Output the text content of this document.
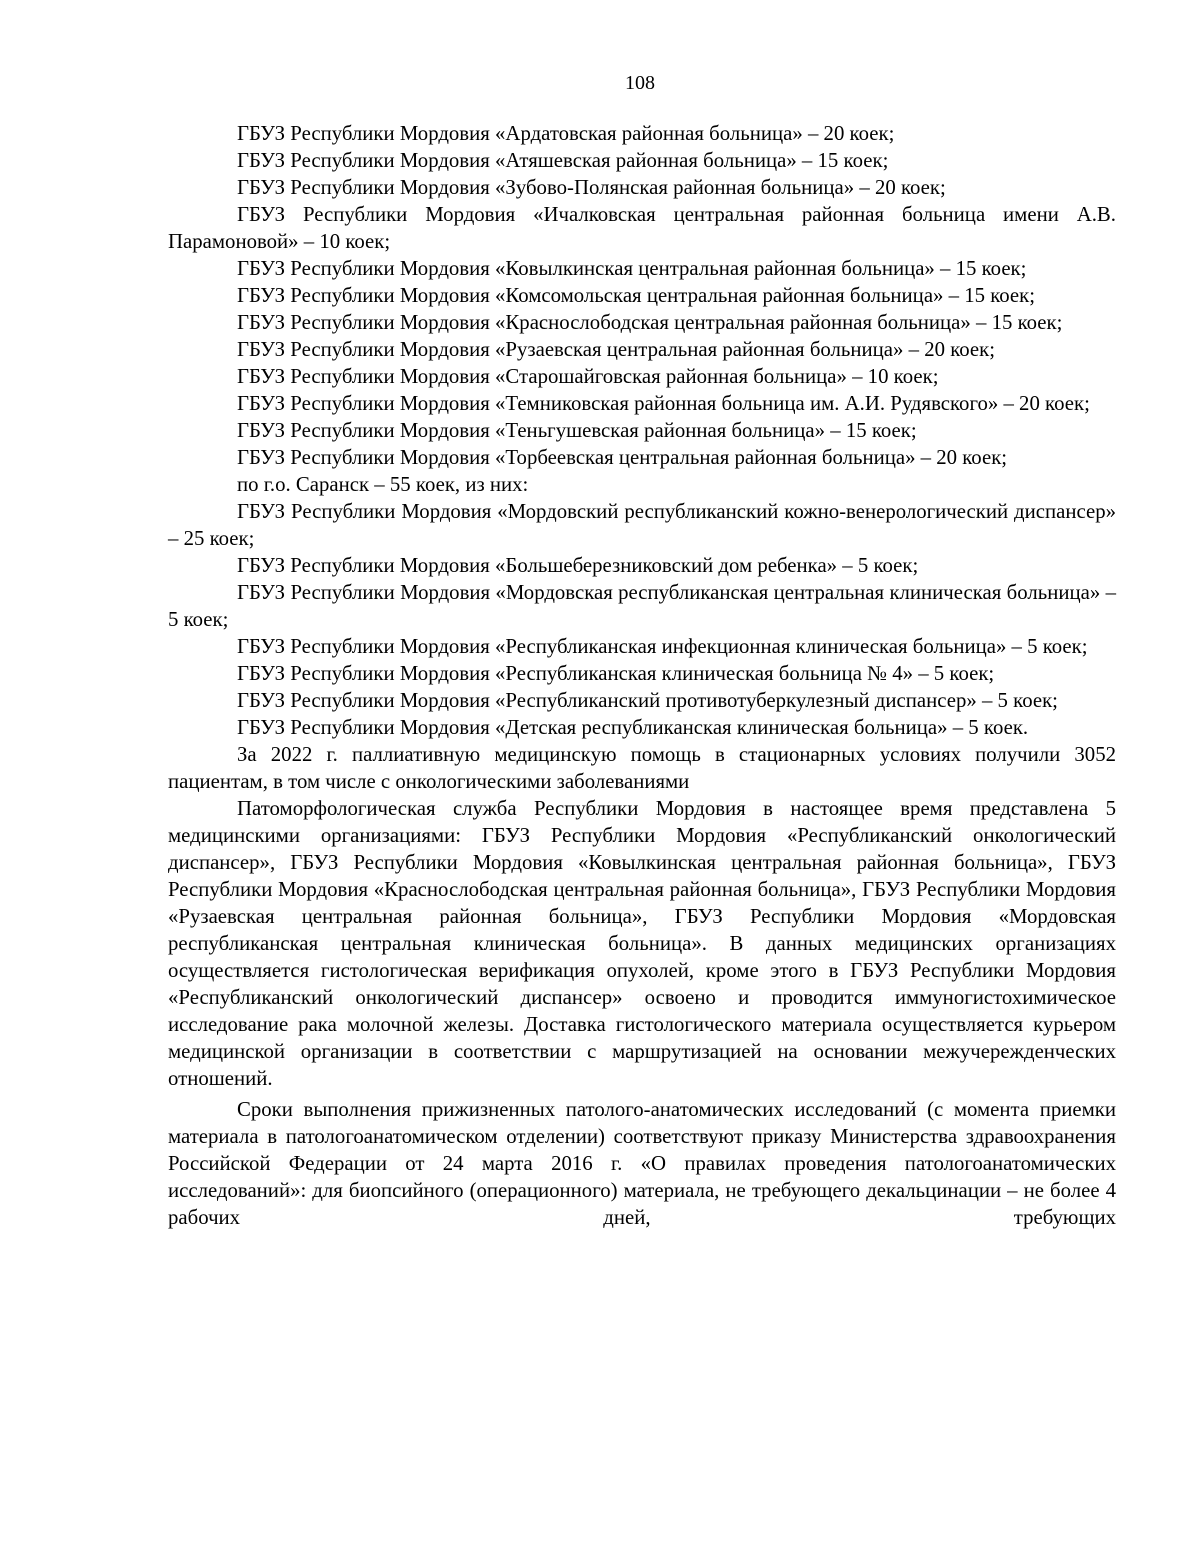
108

ГБУЗ Республики Мордовия «Ардатовская районная больница» – 20 коек;

ГБУЗ Республики Мордовия «Атяшевская районная больница» – 15 коек;

ГБУЗ Республики Мордовия «Зубово-Полянская районная больница» – 20 коек;

ГБУЗ Республики Мордовия «Ичалковская центральная районная больница имени А.В. Парамоновой» – 10 коек;

ГБУЗ Республики Мордовия «Ковылкинская центральная районная больница» – 15 коек;

ГБУЗ Республики Мордовия «Комсомольская центральная районная больница» – 15 коек;

ГБУЗ Республики Мордовия «Краснослободская центральная районная больница» – 15 коек;

ГБУЗ Республики Мордовия «Рузаевская центральная районная больница» – 20 коек;

ГБУЗ Республики Мордовия «Старошайговская районная больница» – 10 коек;

ГБУЗ Республики Мордовия «Темниковская районная больница им. А.И. Рудявского» – 20 коек;

ГБУЗ Республики Мордовия «Теньгушевская районная больница» – 15 коек;

ГБУЗ Республики Мордовия «Торбеевская центральная районная больница» – 20 коек;

по г.о. Саранск – 55 коек, из них:

ГБУЗ Республики Мордовия «Мордовский республиканский кожно-венерологический диспансер» – 25 коек;

ГБУЗ Республики Мордовия «Большеберезниковский дом ребенка» – 5 коек;

ГБУЗ Республики Мордовия «Мордовская республиканская центральная клиническая больница» – 5 коек;

ГБУЗ Республики Мордовия «Республиканская инфекционная клиническая больница» – 5 коек;

ГБУЗ Республики Мордовия «Республиканская клиническая больница № 4» – 5 коек;

ГБУЗ Республики Мордовия «Республиканский противотуберкулезный диспансер» – 5 коек;

ГБУЗ Республики Мордовия «Детская республиканская клиническая больница» – 5 коек.

За 2022 г. паллиативную медицинскую помощь в стационарных условиях получили 3052 пациентам, в том числе с онкологическими заболеваниями

Патоморфологическая служба Республики Мордовия в настоящее время представлена 5 медицинскими организациями: ГБУЗ Республики Мордовия «Республиканский онкологический диспансер», ГБУЗ Республики Мордовия «Ковылкинская центральная районная больница», ГБУЗ Республики Мордовия «Краснослободская центральная районная больница», ГБУЗ Республики Мордовия «Рузаевская центральная районная больница», ГБУЗ Республики Мордовия «Мордовская республиканская центральная клиническая больница». В данных медицинских организациях осуществляется гистологическая верификация опухолей, кроме этого в ГБУЗ Республики Мордовия «Республиканский онкологический диспансер» освоено и проводится иммуногистохимическое исследование рака молочной железы. Доставка гистологического материала осуществляется курьером медицинской организации в соответствии с маршрутизацией на основании межучережденческих отношений.

Сроки выполнения прижизненных патолого-анатомических исследований (с момента приемки материала в патологоанатомическом отделении) соответствуют приказу Министерства здравоохранения Российской Федерации от 24 марта 2016 г. «О правилах проведения патологоанатомических исследований»: для биопсийного (операционного) материала, не требующего декальцинации – не более 4 рабочих дней, требующих
